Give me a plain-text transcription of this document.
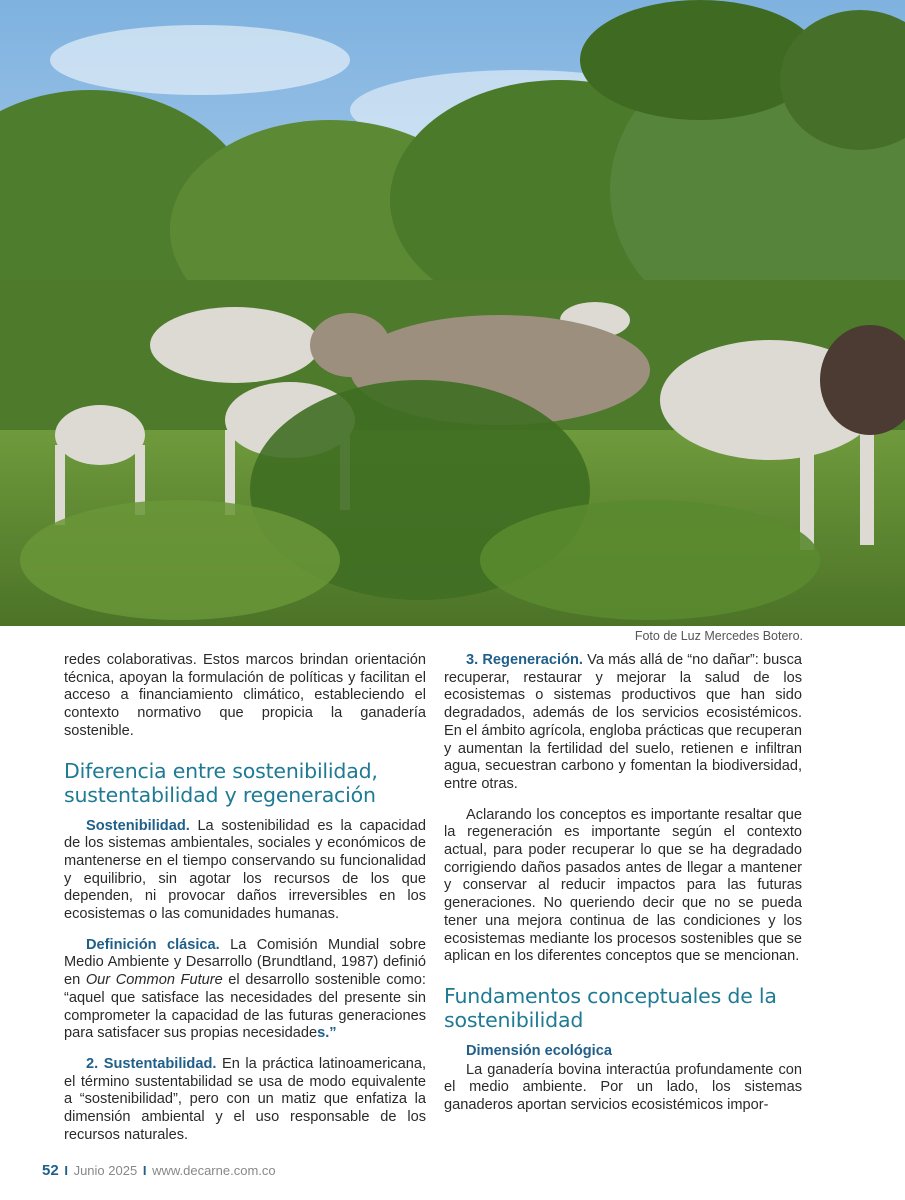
Foto de Luz Mercedes Botero.

redes colaborativas. Estos marcos brindan orientación técnica, apoyan la formulación de políticas y facilitan el acceso a financiamiento climático, estableciendo el contexto normativo que propicia la ganadería sostenible.

Diferencia entre sostenibilidad, sustentabilidad y regeneración

Sostenibilidad. La sostenibilidad es la capacidad de los sistemas ambientales, sociales y económicos de mantenerse en el tiempo conservando su funcionalidad y equilibrio, sin agotar los recursos de los que dependen, ni provocar daños irreversibles en los ecosistemas o las comunidades humanas.

Definición clásica. La Comisión Mundial sobre Medio Ambiente y Desarrollo (Brundtland, 1987) definió en Our Common Future el desarrollo sostenible como: “aquel que satisface las necesidades del presente sin comprometer la capacidad de las futuras generaciones para satisfacer sus propias necesidades.”

2. Sustentabilidad. En la práctica latinoamericana, el término sustentabilidad se usa de modo equivalente a “sostenibilidad”, pero con un matiz que enfatiza la dimensión ambiental y el uso responsable de los recursos naturales.

3. Regeneración. Va más allá de “no dañar”: busca recuperar, restaurar y mejorar la salud de los ecosistemas o sistemas productivos que han sido degradados, además de los servicios ecosistémicos. En el ámbito agrícola, engloba prácticas que recuperan y aumentan la fertilidad del suelo, retienen e infiltran agua, secuestran carbono y fomentan la biodiversidad, entre otras.

Aclarando los conceptos es importante resaltar que la regeneración es importante según el contexto actual, para poder recuperar lo que se ha degradado corrigiendo daños pasados antes de llegar a mantener y conservar al reducir impactos para las futuras generaciones. No queriendo decir que no se pueda tener una mejora continua de las condiciones y los ecosistemas mediante los procesos sostenibles que se aplican en los diferentes conceptos que se mencionan.

Fundamentos conceptuales de la sostenibilidad
Dimensión ecológica

La ganadería bovina interactúa profundamente con el medio ambiente. Por un lado, los sistemas ganaderos aportan servicios ecosistémicos impor-

52 I Junio 2025 I www.decarne.com.co
